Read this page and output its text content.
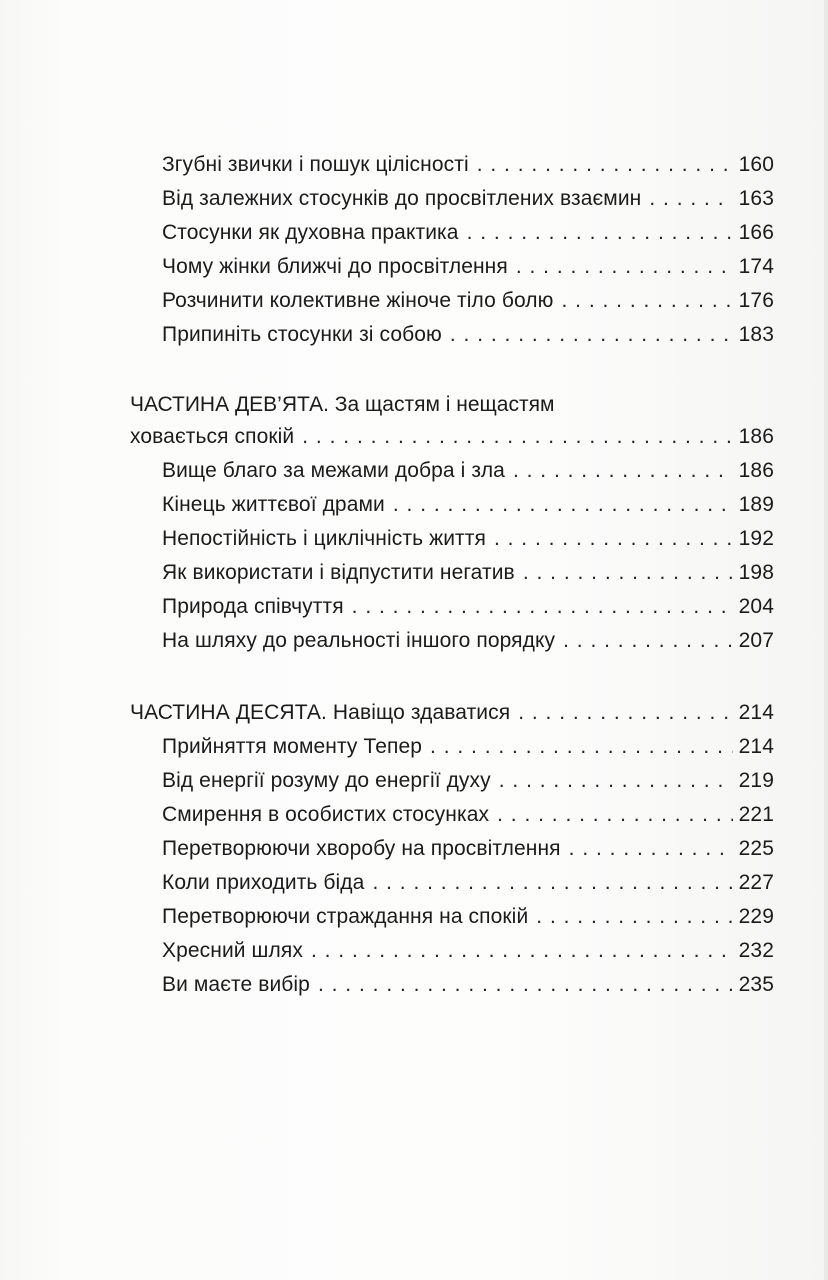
Згубні звички і пошук цілісності . . .	160
Від залежних стосунків до просвітлених взаємин . . .	163
Стосунки як духовна практика . . .	166
Чому жінки ближчі до просвітлення . . .	174
Розчинити колективне жіноче тіло болю . . .	176
Припиніть стосунки зі собою . . .	183
ЧАСТИНА ДЕВ’ЯТА. За щастям і нещастям
ховається спокій . . .	186
Вище благо за межами добра і зла . . .	186
Кінець життєвої драми . . .	189
Непостійність і циклічність життя . . .	192
Як використати і відпустити негатив . . .	198
Природа співчуття . . .	204
На шляху до реальності іншого порядку . . .	207
ЧАСТИНА ДЕСЯТА. Навіщо здаватися . . .	214
Прийняття моменту Тепер . . .	214
Від енергії розуму до енергії духу . . .	219
Смирення в особистих стосунках . . .	221
Перетворюючи хворобу на просвітлення . . .	225
Коли приходить біда . . .	227
Перетворюючи страждання на спокій . . .	229
Хресний шлях . . .	232
Ви маєте вибір . . .	235
